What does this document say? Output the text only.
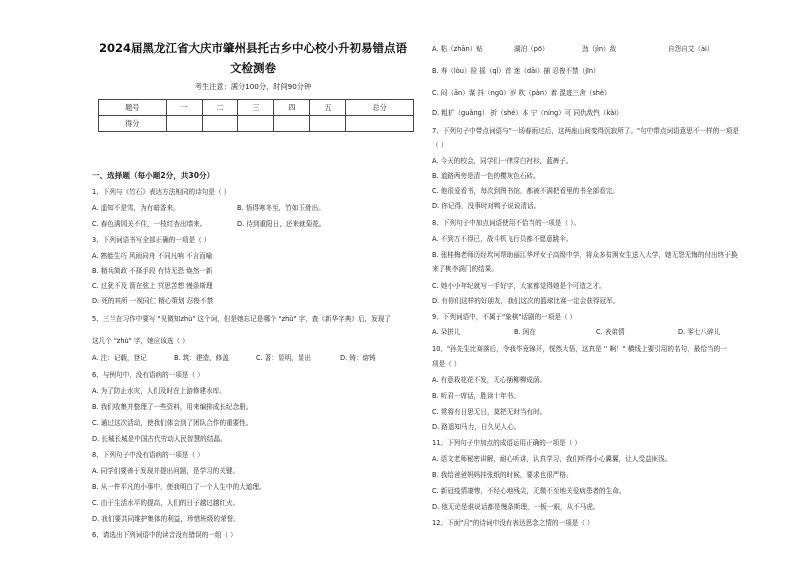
2024届黑龙江省大庆市肇州县托古乡中心校小升初易错点语
文检测卷
考生注意：满分100分，时间90分钟
题号	一	二	三	四	五	总分
得分						
一、选择题（每小题2分，共30分）
1、下列与《竹石》表达方法相同的诗句是（ ）
A. 遥知不是雪，为有暗香来。	B. 悟得寒冬至，竹如玉骨出。
C. 春色满园关不住，一枝红杏出墙来。	D. 待到重阳日，还来就菊花。
3、下列词语书写全部正确的一项是（ ）
A. 熟能生巧 风雨同舟 不同凡响 不言而喻
B. 精兵简政 不择手段 有恃无恐 焕然一新
C. 过犹不及 箭在弦上 冥思苦想 慢条斯理
D. 死的其所 一视同仁 精心策划 忍俊不禁
5、三兰在习作中要写 "见微知zhù" 这个词，但是她忘记是哪个 "zhù" 字，查《新华字典》后，发现了
这几个 "zhù" 字，她应该选（ ）
A. 注：记载，登记	B. 筑：建造，修盖	C. 著：显明，显出	D. 铸：熔铸
6、与例句中，没有语病的一项是（ ）
A. 为了防止水灾，人们及时在上游修建水库。
B. 我们收集并整理了一些资料，用来编排成长纪念册。
C. 通过这次活动，使我们体会到了团队合作的重要性。
D. 长城长城是中国古代劳动人民智慧的结晶。
8、下列句子中没有语病的一项是（ ）
A. 同学们要善于发现并提出问题，是学习的关键。
B. 从一件平凡的小事中，使我明白了一个人生中的大道理。
C. 由于生活水平的提高，人们的日子越过越红火。
D. 我们要共同维护集体的利益，珍惜班级的荣誉。
6、请选出下列词语中的读音没有错误的一组（ ）
A. 粘（zhān）贴	湖泊（pō）	劲（jìn）敌	自怨自艾（ài）
B. 寿（lòu）捡 摇（qǐ）首 迷（dǎi）捕 忍俊不禁（jīn）
C. 闷（ān）谋 抖（ngū）岁 吹（pàn）着 混迹三舍（shè）
D. 粗犷（guǎng） 折（shé）本 宁（níng）可 同仇敌忾（kài）
7、下列句子中带点词语与"一场春雨过后，这两座山间变得沉寂所了。"句中带点词语意思不一样的一项是
（ ）
A. 今天的校会，同学们一律穿白衬衫，蓝裤子。
B. 道路两旁是清一色的樱灰色石砖。
C. 他很爱看书，每次到图书馆，都被不满把看里的书全部看完。
D. 你记得，没事时对鸭子说说清话。
8、下列句子中加点词语使用不恰当的一项是（ ）。
A. 不到万不得已，战斗机飞行员都不愿意跳伞。
B. 张桂梅老师历经坎坷帮助丽江华坪女子高级中学，将众多贫困女生送入大学，她无怨无悔的付出终于换
来了桃李满门的结果。
C. 她小小年纪就写一手好字，大家都觉得她是个可造之才。
D. 有你们这样的好朋友，我们这次的篮球比赛一定会获得冠军。
9、下列词语中，不属于"象棋"话剧的一项是（ ）
A. 朵拼儿	B. 闲在	C. 表弟情	D. 零七八碎儿
10、"孙先生比赛落后，令我毕竟锦开，恍然大悟，这真是 '' 啊！" 横线上要引用的名句，最恰当的一
项是（ ）
A. 有意栽花花不发，无心插柳柳成荫。
B. 听君一席话，胜读十年书。
C. 常将有日思无日，莫把无时当有时。
D. 路遥知马力，日久见人心。
11、下列句子中加点的成语运用正确的一项是（ ）
A. 语文老师秘密讲解，耐心听讲，认真学习，我们听得小心翼翼，让人受益匪浅。
B. 我给爸爸妈妈挂张纸的时候，要求也很严格。
C. 新冠疫情凄惨，不经心地残尖，无微不至地关爱病患者的生命。
D. 他无论是谁说话都是慢条斯理，一板一眼，从不马虎。
12、下面"月"的诗词中没有表达思念之情的一项是（ ）
